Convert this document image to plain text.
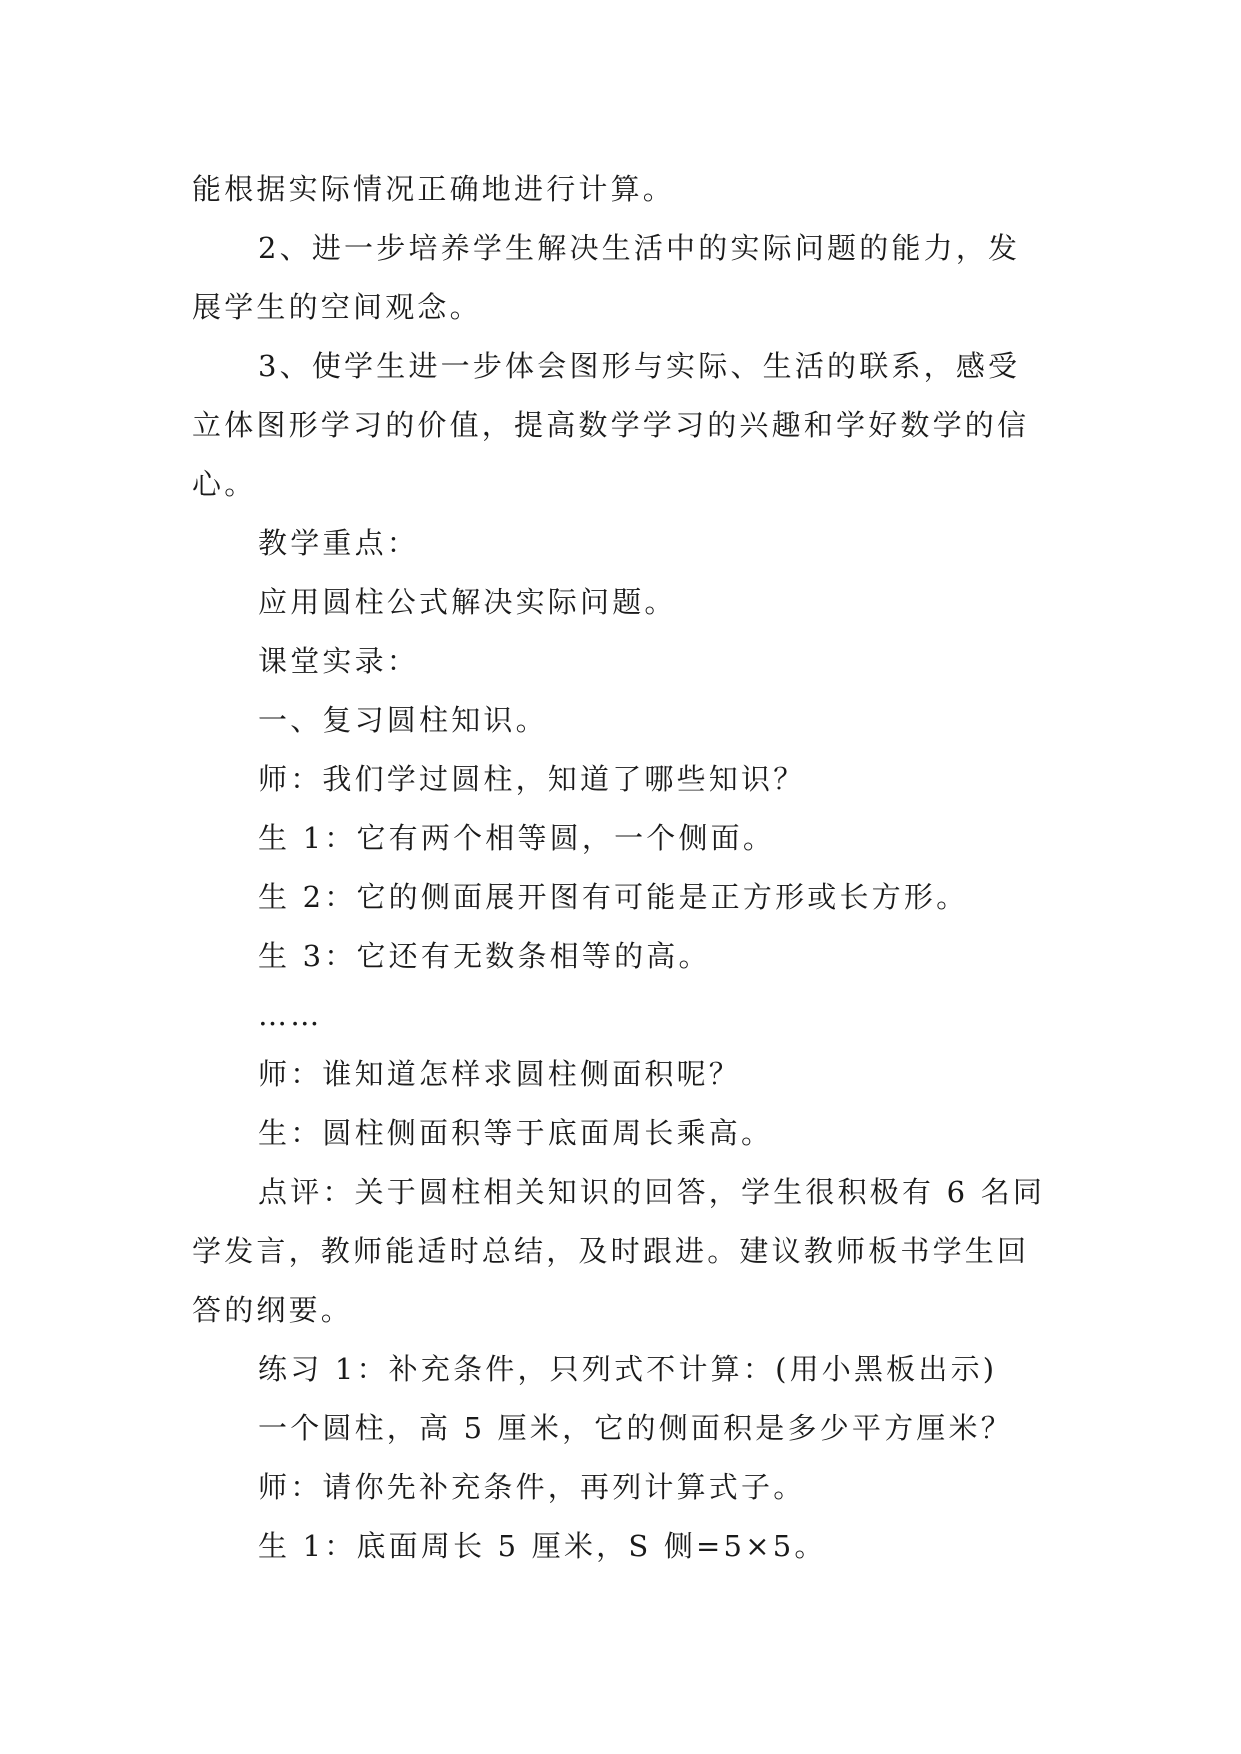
能根据实际情况正确地进行计算。

2、进一步培养学生解决生活中的实际问题的能力，发展学生的空间观念。

3、使学生进一步体会图形与实际、生活的联系，感受立体图形学习的价值，提高数学学习的兴趣和学好数学的信心。

教学重点：

应用圆柱公式解决实际问题。

课堂实录：

一、复习圆柱知识。

师：我们学过圆柱，知道了哪些知识？

生 1：它有两个相等圆，一个侧面。

生 2：它的侧面展开图有可能是正方形或长方形。

生 3：它还有无数条相等的高。

……

师：谁知道怎样求圆柱侧面积呢？

生：圆柱侧面积等于底面周长乘高。

点评：关于圆柱相关知识的回答，学生很积极有 6 名同学发言，教师能适时总结，及时跟进。建议教师板书学生回答的纲要。

练习 1：补充条件，只列式不计算：(用小黑板出示)

一个圆柱，高 5 厘米，它的侧面积是多少平方厘米？

师：请你先补充条件，再列计算式子。

生 1：底面周长 5 厘米，S 侧=5×5。
